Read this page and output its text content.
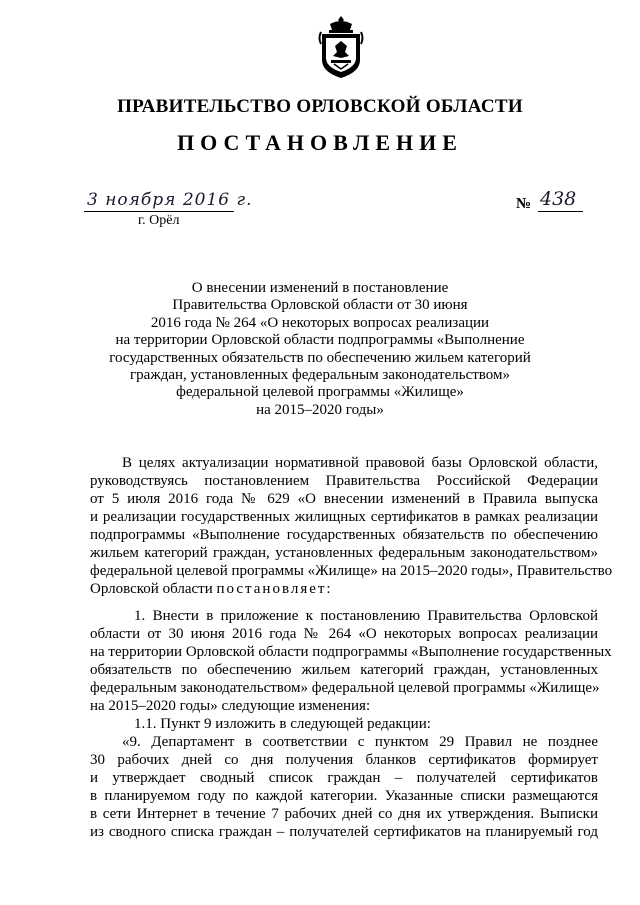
ПРАВИТЕЛЬСТВО ОРЛОВСКОЙ ОБЛАСТИ
ПОСТАНОВЛЕНИЕ
3 ноября 2016 г.
г. Орёл
№ 438
О внесении изменений в постановление
Правительства Орловской области от 30 июня
2016 года № 264 «О некоторых вопросах реализации
на территории Орловской области подпрограммы «Выполнение
государственных обязательств по обеспечению жильем категорий
граждан, установленных федеральным законодательством»
федеральной целевой программы «Жилище»
на 2015–2020 годы»
В целях актуализации нормативной правовой базы Орловской области,
руководствуясь постановлением Правительства Российской Федерации
от 5 июля 2016 года № 629 «О внесении изменений в Правила выпуска
и реализации государственных жилищных сертификатов в рамках реализации
подпрограммы «Выполнение государственных обязательств по обеспечению
жильем категорий граждан, установленных федеральным законодательством»
федеральной целевой программы «Жилище» на 2015–2020 годы», Правительство
Орловской области постановляет:
1. Внести в приложение к постановлению Правительства Орловской
области от 30 июня 2016 года № 264 «О некоторых вопросах реализации
на территории Орловской области подпрограммы «Выполнение государственных
обязательств по обеспечению жильем категорий граждан, установленных
федеральным законодательством» федеральной целевой программы «Жилище»
на 2015–2020 годы» следующие изменения:
1.1. Пункт 9 изложить в следующей редакции:
«9. Департамент в соответствии с пунктом 29 Правил не позднее
30 рабочих дней со дня получения бланков сертификатов формирует
и утверждает сводный список граждан – получателей сертификатов
в планируемом году по каждой категории. Указанные списки размещаются
в сети Интернет в течение 7 рабочих дней со дня их утверждения. Выписки
из сводного списка граждан – получателей сертификатов на планируемый год
